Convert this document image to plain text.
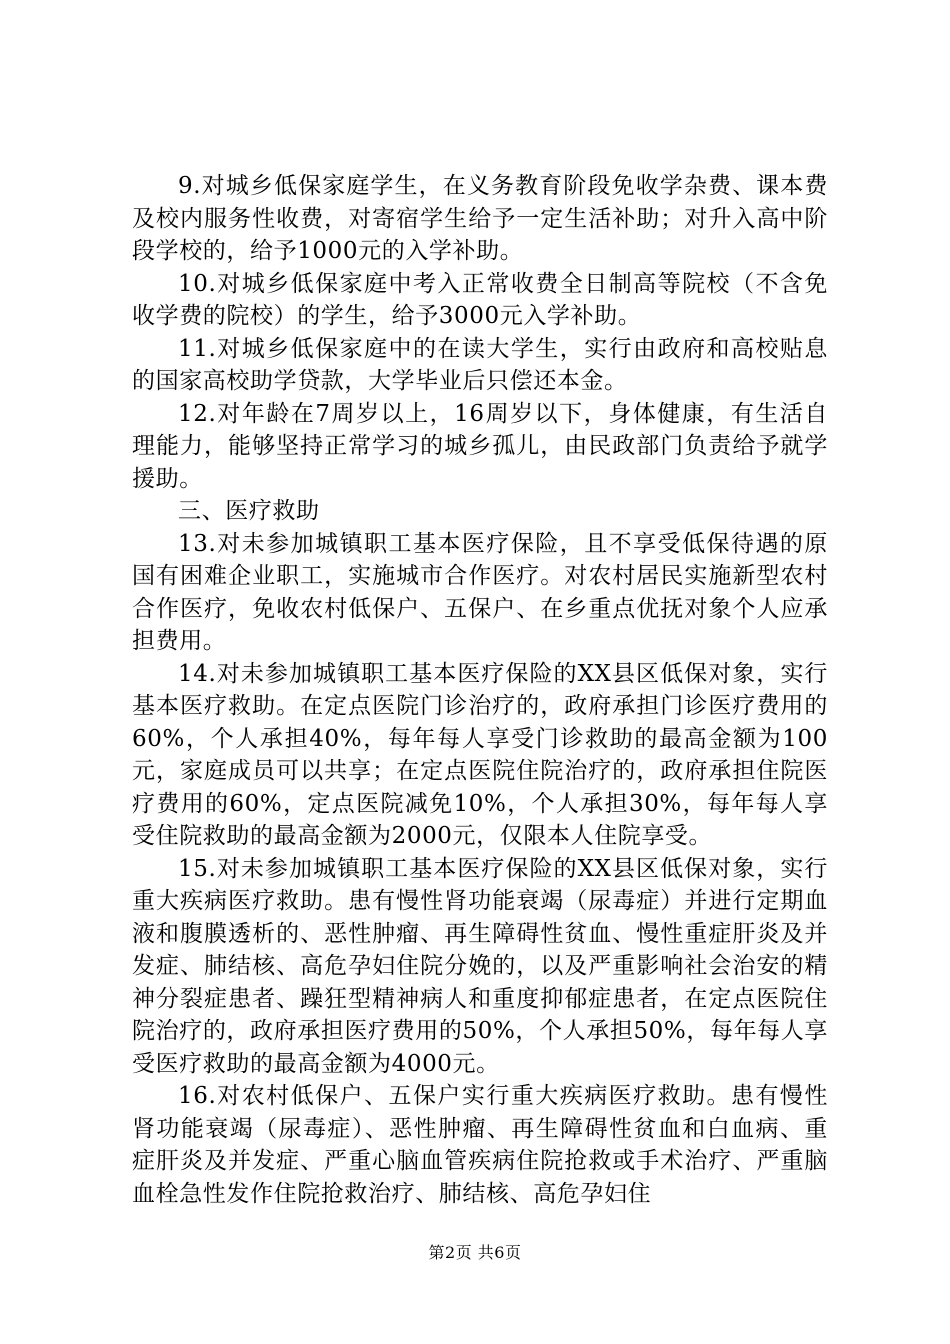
9.对城乡低保家庭学生，在义务教育阶段免收学杂费、课本费及校内服务性收费，对寄宿学生给予一定生活补助；对升入高中阶段学校的，给予1000元的入学补助。

10.对城乡低保家庭中考入正常收费全日制高等院校（不含免收学费的院校）的学生，给予3000元入学补助。

11.对城乡低保家庭中的在读大学生，实行由政府和高校贴息的国家高校助学贷款，大学毕业后只偿还本金。

12.对年龄在7周岁以上，16周岁以下，身体健康，有生活自理能力，能够坚持正常学习的城乡孤儿，由民政部门负责给予就学援助。

三、医疗救助

13.对未参加城镇职工基本医疗保险，且不享受低保待遇的原国有困难企业职工，实施城市合作医疗。对农村居民实施新型农村合作医疗，免收农村低保户、五保户、在乡重点优抚对象个人应承担费用。

14.对未参加城镇职工基本医疗保险的XX县区低保对象，实行基本医疗救助。在定点医院门诊治疗的，政府承担门诊医疗费用的60%，个人承担40%，每年每人享受门诊救助的最高金额为100元，家庭成员可以共享；在定点医院住院治疗的，政府承担住院医疗费用的60%，定点医院减免10%，个人承担30%，每年每人享受住院救助的最高金额为2000元，仅限本人住院享受。

15.对未参加城镇职工基本医疗保险的XX县区低保对象，实行重大疾病医疗救助。患有慢性肾功能衰竭（尿毒症）并进行定期血液和腹膜透析的、恶性肿瘤、再生障碍性贫血、慢性重症肝炎及并发症、肺结核、高危孕妇住院分娩的，以及严重影响社会治安的精神分裂症患者、躁狂型精神病人和重度抑郁症患者，在定点医院住院治疗的，政府承担医疗费用的50%，个人承担50%，每年每人享受医疗救助的最高金额为4000元。

16.对农村低保户、五保户实行重大疾病医疗救助。患有慢性肾功能衰竭（尿毒症）、恶性肿瘤、再生障碍性贫血和白血病、重症肝炎及并发症、严重心脑血管疾病住院抢救或手术治疗、严重脑血栓急性发作住院抢救治疗、肺结核、高危孕妇住

第2页 共6页
